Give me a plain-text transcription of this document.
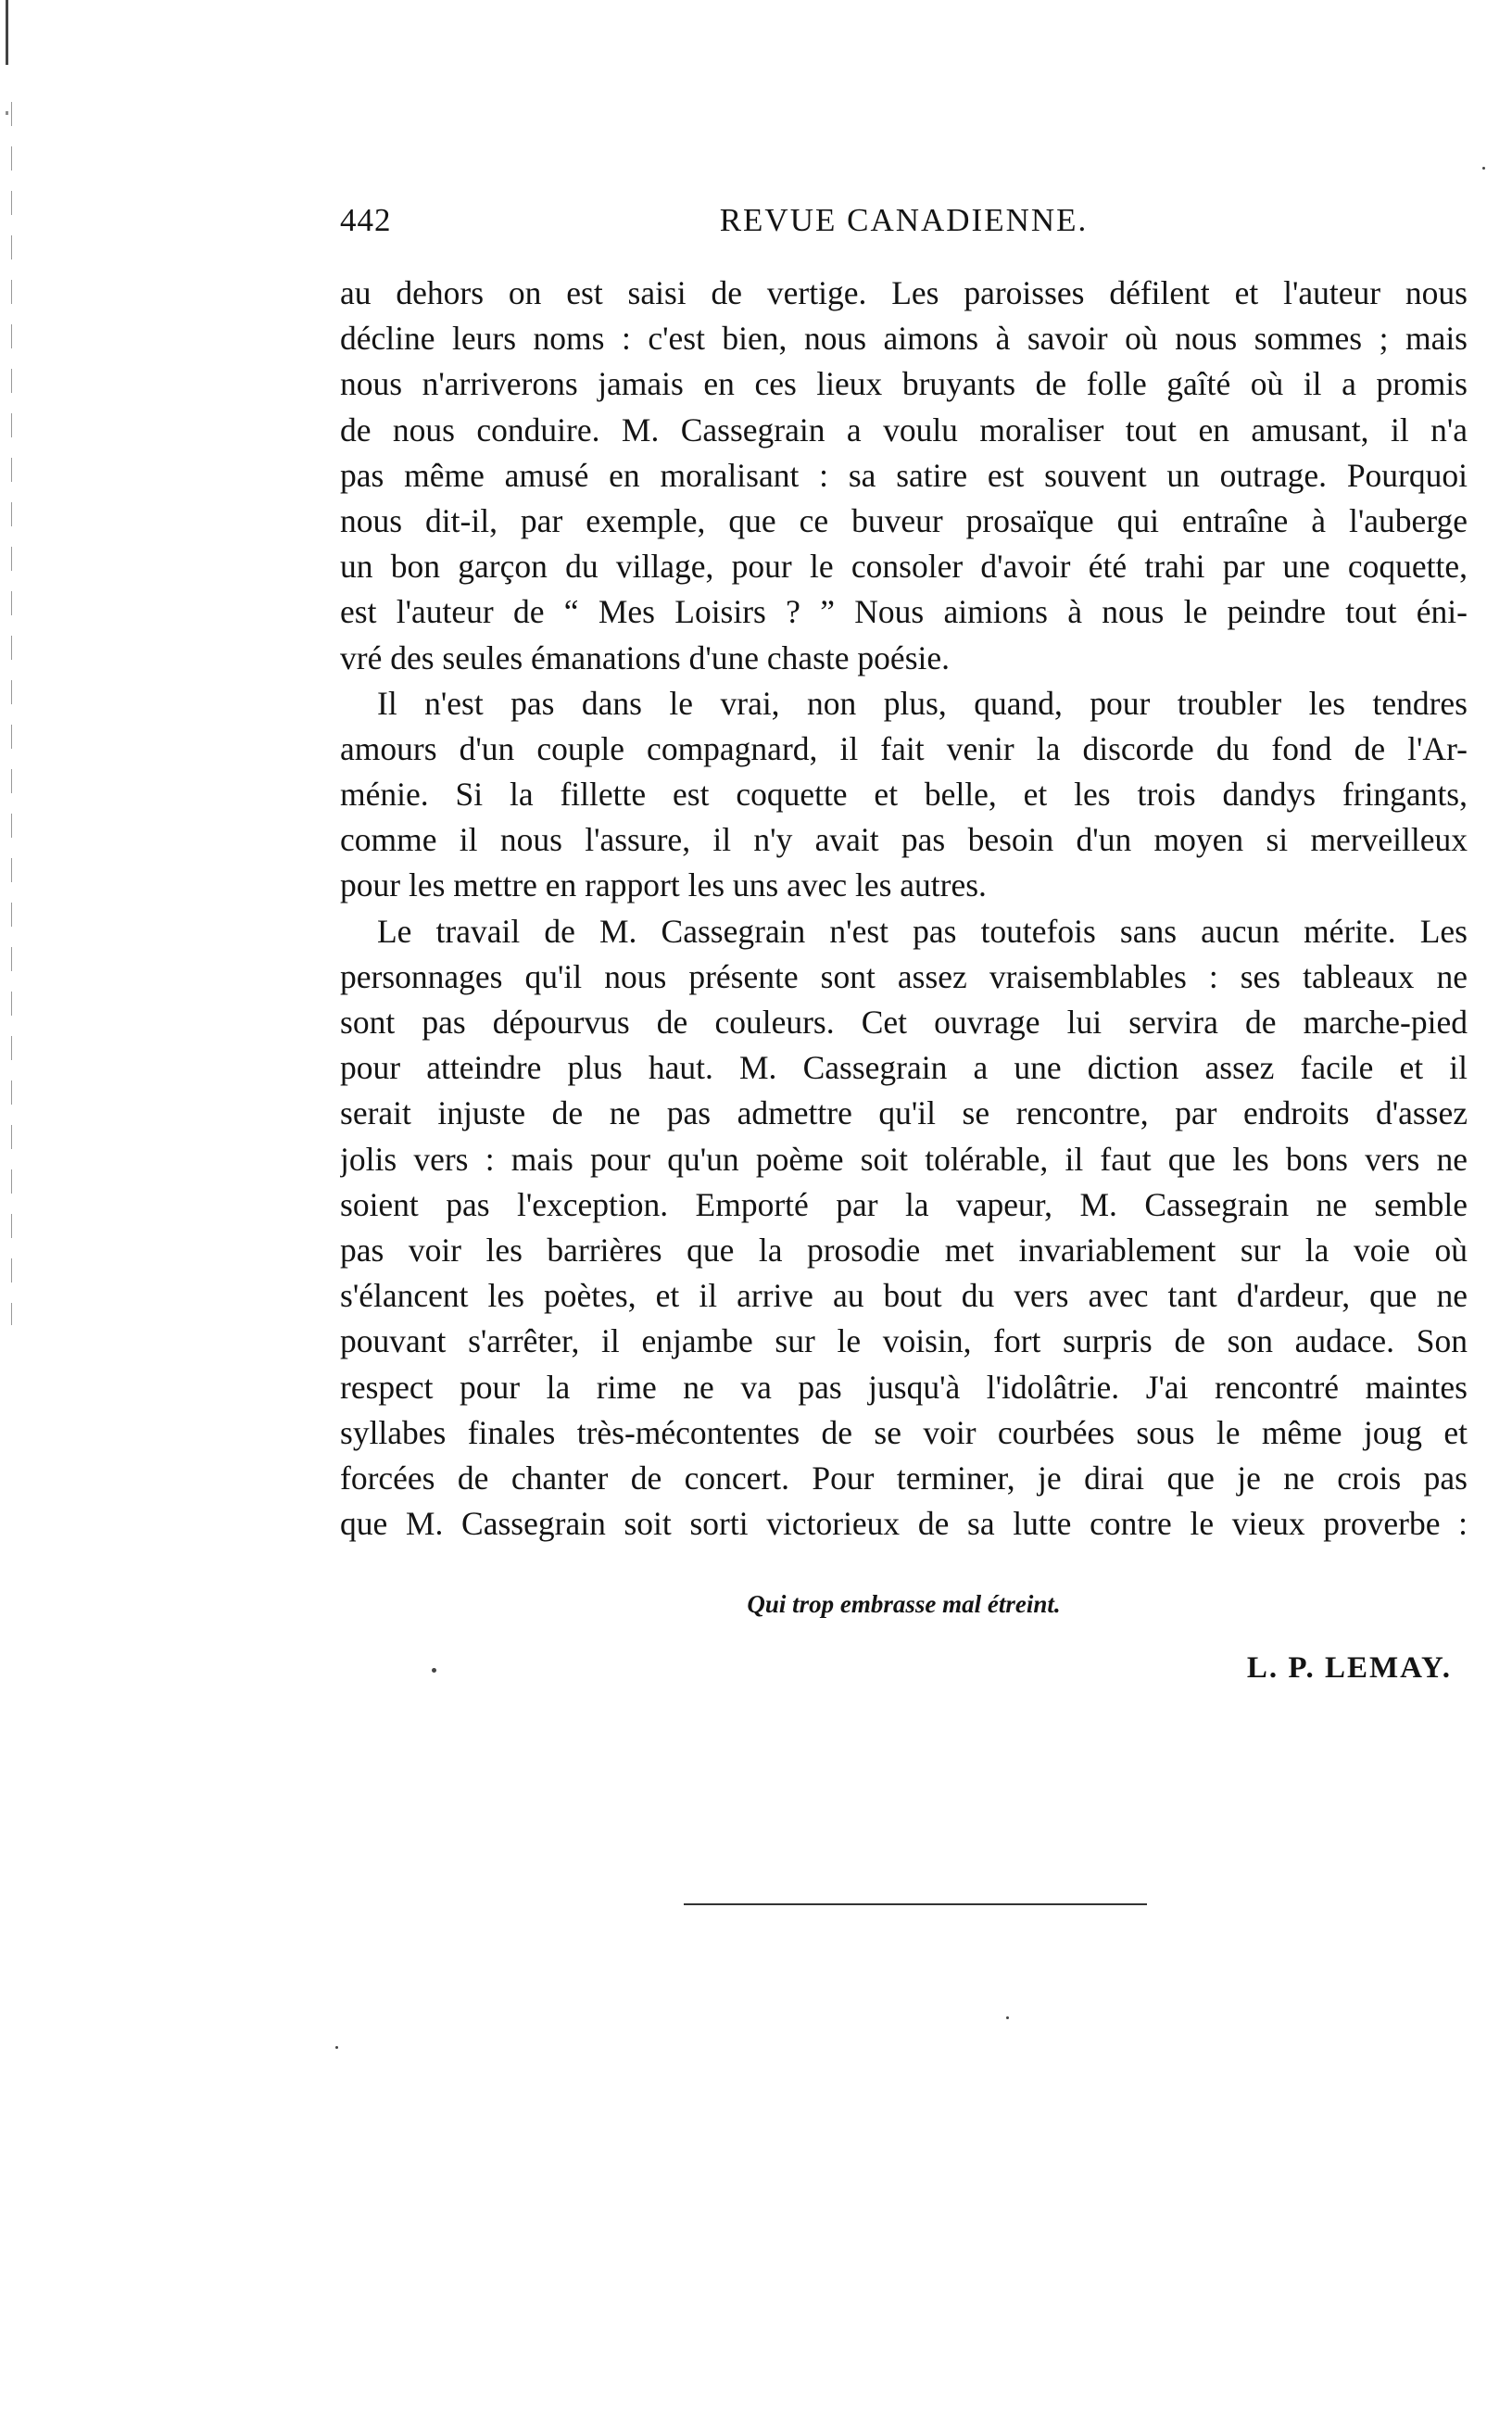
442	REVUE CANADIENNE.
au dehors on est saisi de vertige. Les paroisses défilent et l'auteur nous
décline leurs noms : c'est bien, nous aimons à savoir où nous sommes ; mais
nous n'arriverons jamais en ces lieux bruyants de folle gaîté où il a promis
de nous conduire. M. Cassegrain a voulu moraliser tout en amusant, il n'a
pas même amusé en moralisant : sa satire est souvent un outrage. Pourquoi
nous dit-il, par exemple, que ce buveur prosaïque qui entraîne à l'auberge
un bon garçon du village, pour le consoler d'avoir été trahi par une coquette,
est l'auteur de “ Mes Loisirs ? ” Nous aimions à nous le peindre tout éni-
vré des seules émanations d'une chaste poésie.
Il n'est pas dans le vrai, non plus, quand, pour troubler les tendres
amours d'un couple compagnard, il fait venir la discorde du fond de l'Ar-
ménie. Si la fillette est coquette et belle, et les trois dandys fringants,
comme il nous l'assure, il n'y avait pas besoin d'un moyen si merveilleux
pour les mettre en rapport les uns avec les autres.
Le travail de M. Cassegrain n'est pas toutefois sans aucun mérite. Les
personnages qu'il nous présente sont assez vraisemblables : ses tableaux ne
sont pas dépourvus de couleurs. Cet ouvrage lui servira de marche-pied
pour atteindre plus haut. M. Cassegrain a une diction assez facile et il
serait injuste de ne pas admettre qu'il se rencontre, par endroits d'assez
jolis vers : mais pour qu'un poème soit tolérable, il faut que les bons vers ne
soient pas l'exception. Emporté par la vapeur, M. Cassegrain ne semble
pas voir les barrières que la prosodie met invariablement sur la voie où
s'élancent les poètes, et il arrive au bout du vers avec tant d'ardeur, que ne
pouvant s'arrêter, il enjambe sur le voisin, fort surpris de son audace. Son
respect pour la rime ne va pas jusqu'à l'idolâtrie. J'ai rencontré maintes
syllabes finales très-mécontentes de se voir courbées sous le même joug et
forcées de chanter de concert. Pour terminer, je dirai que je ne crois pas
que M. Cassegrain soit sorti victorieux de sa lutte contre le vieux proverbe :
Qui trop embrasse mal étreint.
L. P. LEMAY.
